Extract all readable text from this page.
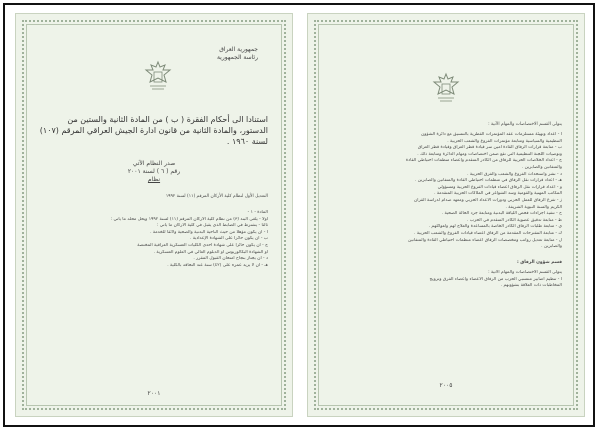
جمهورية العراق
رئاسة الجمهورية
استنادا الى أحكام الفقرة ( ب ) من المادة الثانية والستين من
الدستور، والمادة الثانية من قانون ادارة الجيش العراقي المرقم (١٠٧)
لسنة ١٩٦٠ .
صدر النظام الآتي
رقم ( ٦ ) لسنة ٢٠٠١
نظام
التعديل الأول لنظام كلية الأركان المرقم (١١) لسنة ١٩٩٢
المادة - ١ -
أولا - يلغى البند (٣) من نظام كلية الأركان المرقم (١١) لسنة ١٩٩٢ ويحل محله ما يأتي :
ثالثا - يشترط في الضابط الذي يقبل في كلية الأركان ما يأتي :
أ - أن يكون مؤهلا من حيث الناحية البدنية والصحية ولائقا للخدمة .
ب - أن يكون حائزا على الشهادة الإعدادية .
ج - أن يكون حائزا على شهادة احدى الكليات العسكرية العراقية المختصة
أو الشهادة البكالوريوس أو الدبلوم العالي في العلوم العسكرية .
د - أن يجتاز بنجاح امتحان القبول المقرر .
هـ - أن لا يزيد عمره على (٤٢) سنة عند التحاقه بالكلية .
٢٠٠١
يتولى القسم الاختصاصات والمهام الآتية :
أ - اعداد وتهيئة مستلزمات عقد المؤتمرات القطرية بالتنسيق مع دائرة الشؤون
التنظيمية والسياسية ومتابعة مؤتمرات الفروع والشعب الحزبية .
ب - متابعة قرارات الرفاق القادة أمين سر قيادة قطر العراق وقيادة قطر العراق
وتوصيات اللجنة التنظيمية التي تقع ضمن اختصاصات ومهام الدائرة ومتابعة ذلك .
ج - اعداد الخلاصات الحزبية للرفاق من الكادر المتقدم وأعضاء منظمات احتياطي القادة
والمتفانين والصابرين .
د - نشر واستحداث الفروع والشعب والفرق الحزبية .
هـ - اعداد قرارات نقل الرفاق في منظمات احتياطي القادة والمتفانين والصابرين .
و - اعداد قرارات نقل الرفاق أعضاء قيادات الفروع الحزبية ومسؤولي
المكاتب المهنية والقومية وسد الشواغر في الملاكات الحزبية المتقدمة .
ز - تفرغ الرفاق للعمل الحزبي ودورات الاعداد الحزبي ومعهد صدام لدراسة القرآن
الكريم والسنة النبوية الشريفة .
ح - تنفيذ اجراءات فحص اللياقة البدنية ومتابعة جرد الحالة الصحية .
ط - متابعة تدقيق عضوية الكادر المتقدم في الحزب .
ي - متابعة طلبات الرفاق الكادر الخاصة بالمساعدة والعلاج لهم ولعوائلهم .
ك - متابعة المقترحات المقدمة من الرفاق أعضاء قيادات الفروع والشعب الحزبية .
ل - متابعة تعديل رواتب ومخصصات الرفاق أعضاء منظمات احتياطي القادة والمتفانين
والصابرين .
قسم شؤون الرفاق :
يتولى القسم الاختصاصات والمهام الآتية :
أ - تنظيم أضابير منتسبي الحزب من الرفاق الأعضاء وأعضاء الفرق وترويج
المخاطبات ذات العلاقة بشؤونهم .
٢٠٠٥
